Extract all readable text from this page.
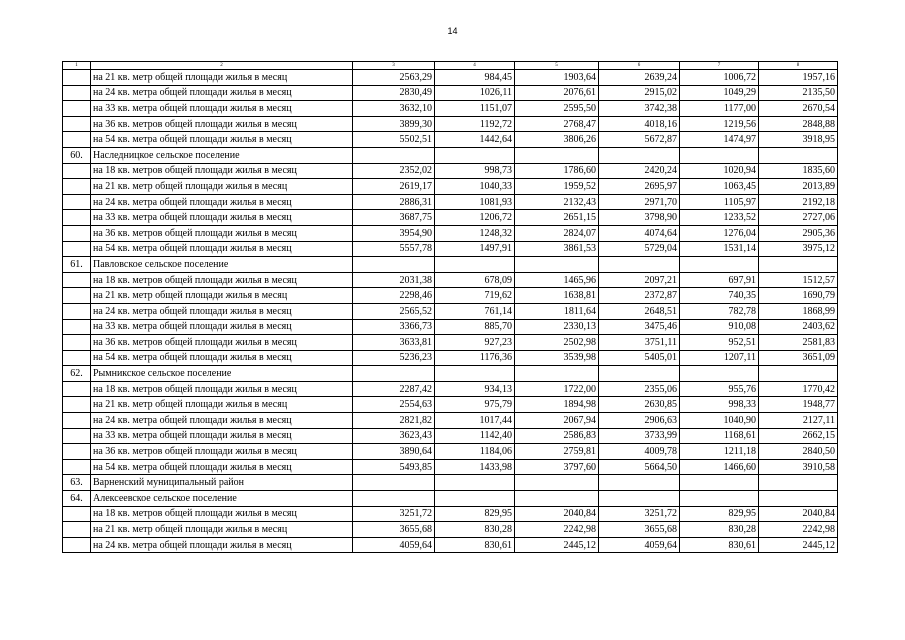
14
1	2	3	4	5	6	7	8
	на 21 кв. метр общей площади жилья в месяц	2563,29	984,45	1903,64	2639,24	1006,72	1957,16
	на 24 кв. метра общей площади жилья в месяц	2830,49	1026,11	2076,61	2915,02	1049,29	2135,50
	на 33 кв. метра общей площади жилья в месяц	3632,10	1151,07	2595,50	3742,38	1177,00	2670,54
	на 36 кв. метров общей площади жилья в месяц	3899,30	1192,72	2768,47	4018,16	1219,56	2848,88
	на 54 кв. метра общей площади жилья в месяц	5502,51	1442,64	3806,26	5672,87	1474,97	3918,95
60.	Наследницкое сельское поселение						
	на 18 кв. метров общей площади жилья в месяц	2352,02	998,73	1786,60	2420,24	1020,94	1835,60
	на 21 кв. метр общей площади жилья в месяц	2619,17	1040,33	1959,52	2695,97	1063,45	2013,89
	на 24 кв. метра общей площади жилья в месяц	2886,31	1081,93	2132,43	2971,70	1105,97	2192,18
	на 33 кв. метра общей площади жилья в месяц	3687,75	1206,72	2651,15	3798,90	1233,52	2727,06
	на 36 кв. метров общей площади жилья в месяц	3954,90	1248,32	2824,07	4074,64	1276,04	2905,36
	на 54 кв. метра общей площади жилья в месяц	5557,78	1497,91	3861,53	5729,04	1531,14	3975,12
61.	Павловское сельское поселение						
	на 18 кв. метров общей площади жилья в месяц	2031,38	678,09	1465,96	2097,21	697,91	1512,57
	на 21 кв. метр общей площади жилья в месяц	2298,46	719,62	1638,81	2372,87	740,35	1690,79
	на 24 кв. метра общей площади жилья в месяц	2565,52	761,14	1811,64	2648,51	782,78	1868,99
	на 33 кв. метра общей площади жилья в месяц	3366,73	885,70	2330,13	3475,46	910,08	2403,62
	на 36 кв. метров общей площади жилья в месяц	3633,81	927,23	2502,98	3751,11	952,51	2581,83
	на 54 кв. метра общей площади жилья в месяц	5236,23	1176,36	3539,98	5405,01	1207,11	3651,09
62.	Рымникское сельское поселение						
	на 18 кв. метров общей площади жилья в месяц	2287,42	934,13	1722,00	2355,06	955,76	1770,42
	на 21 кв. метр общей площади жилья в месяц	2554,63	975,79	1894,98	2630,85	998,33	1948,77
	на 24 кв. метра общей площади жилья в месяц	2821,82	1017,44	2067,94	2906,63	1040,90	2127,11
	на 33 кв. метра общей площади жилья в месяц	3623,43	1142,40	2586,83	3733,99	1168,61	2662,15
	на 36 кв. метров общей площади жилья в месяц	3890,64	1184,06	2759,81	4009,78	1211,18	2840,50
	на 54 кв. метра общей площади жилья в месяц	5493,85	1433,98	3797,60	5664,50	1466,60	3910,58
63.	Варненский муниципальный район						
64.	Алексеевское сельское поселение						
	на 18 кв. метров общей площади жилья в месяц	3251,72	829,95	2040,84	3251,72	829,95	2040,84
	на 21 кв. метр общей площади жилья в месяц	3655,68	830,28	2242,98	3655,68	830,28	2242,98
	на 24 кв. метра общей площади жилья в месяц	4059,64	830,61	2445,12	4059,64	830,61	2445,12
